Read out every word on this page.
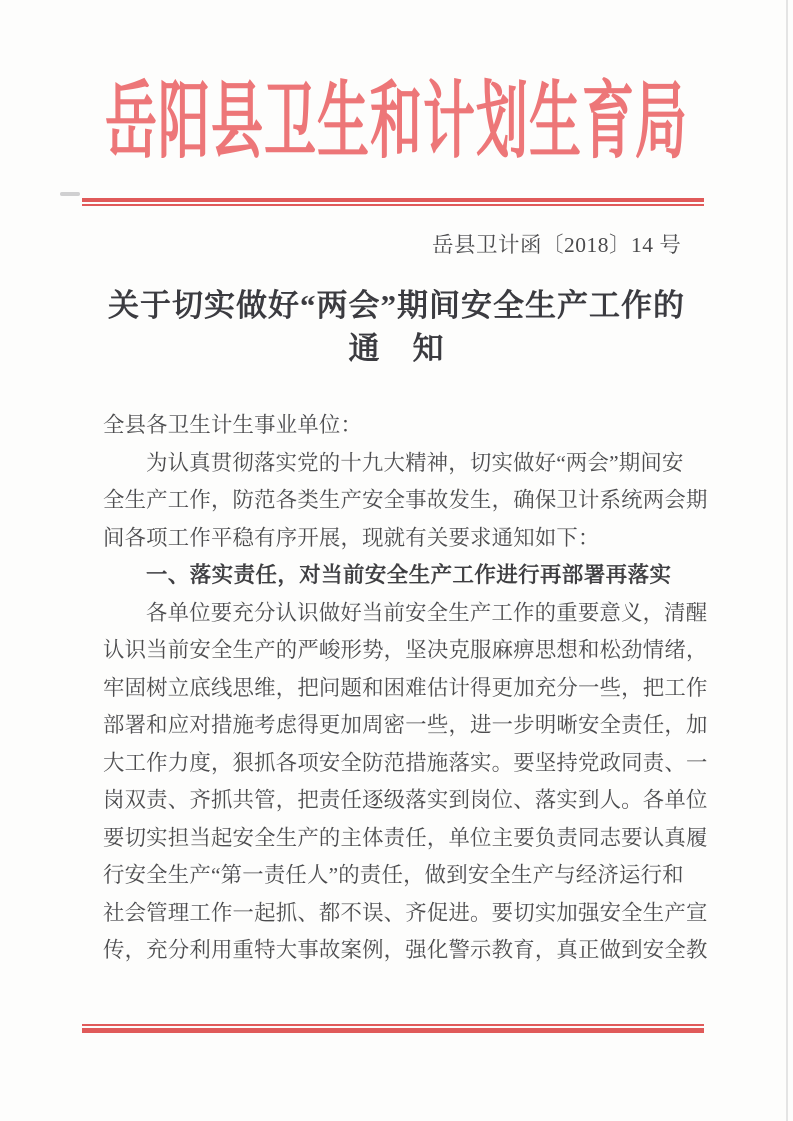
岳阳县卫生和计划生育局
岳县卫计函〔2018〕14 号
关于切实做好“两会”期间安全生产工作的
通　知
全县各卫生计生事业单位：
为认真贯彻落实党的十九大精神，切实做好“两会”期间安
全生产工作，防范各类生产安全事故发生，确保卫计系统两会期
间各项工作平稳有序开展，现就有关要求通知如下：
一、落实责任，对当前安全生产工作进行再部署再落实
各单位要充分认识做好当前安全生产工作的重要意义，清醒
认识当前安全生产的严峻形势，坚决克服麻痹思想和松劲情绪，
牢固树立底线思维，把问题和困难估计得更加充分一些，把工作
部署和应对措施考虑得更加周密一些，进一步明晰安全责任，加
大工作力度，狠抓各项安全防范措施落实。要坚持党政同责、一
岗双责、齐抓共管，把责任逐级落实到岗位、落实到人。各单位
要切实担当起安全生产的主体责任，单位主要负责同志要认真履
行安全生产“第一责任人”的责任，做到安全生产与经济运行和
社会管理工作一起抓、都不误、齐促进。要切实加强安全生产宣
传，充分利用重特大事故案例，强化警示教育，真正做到安全教
